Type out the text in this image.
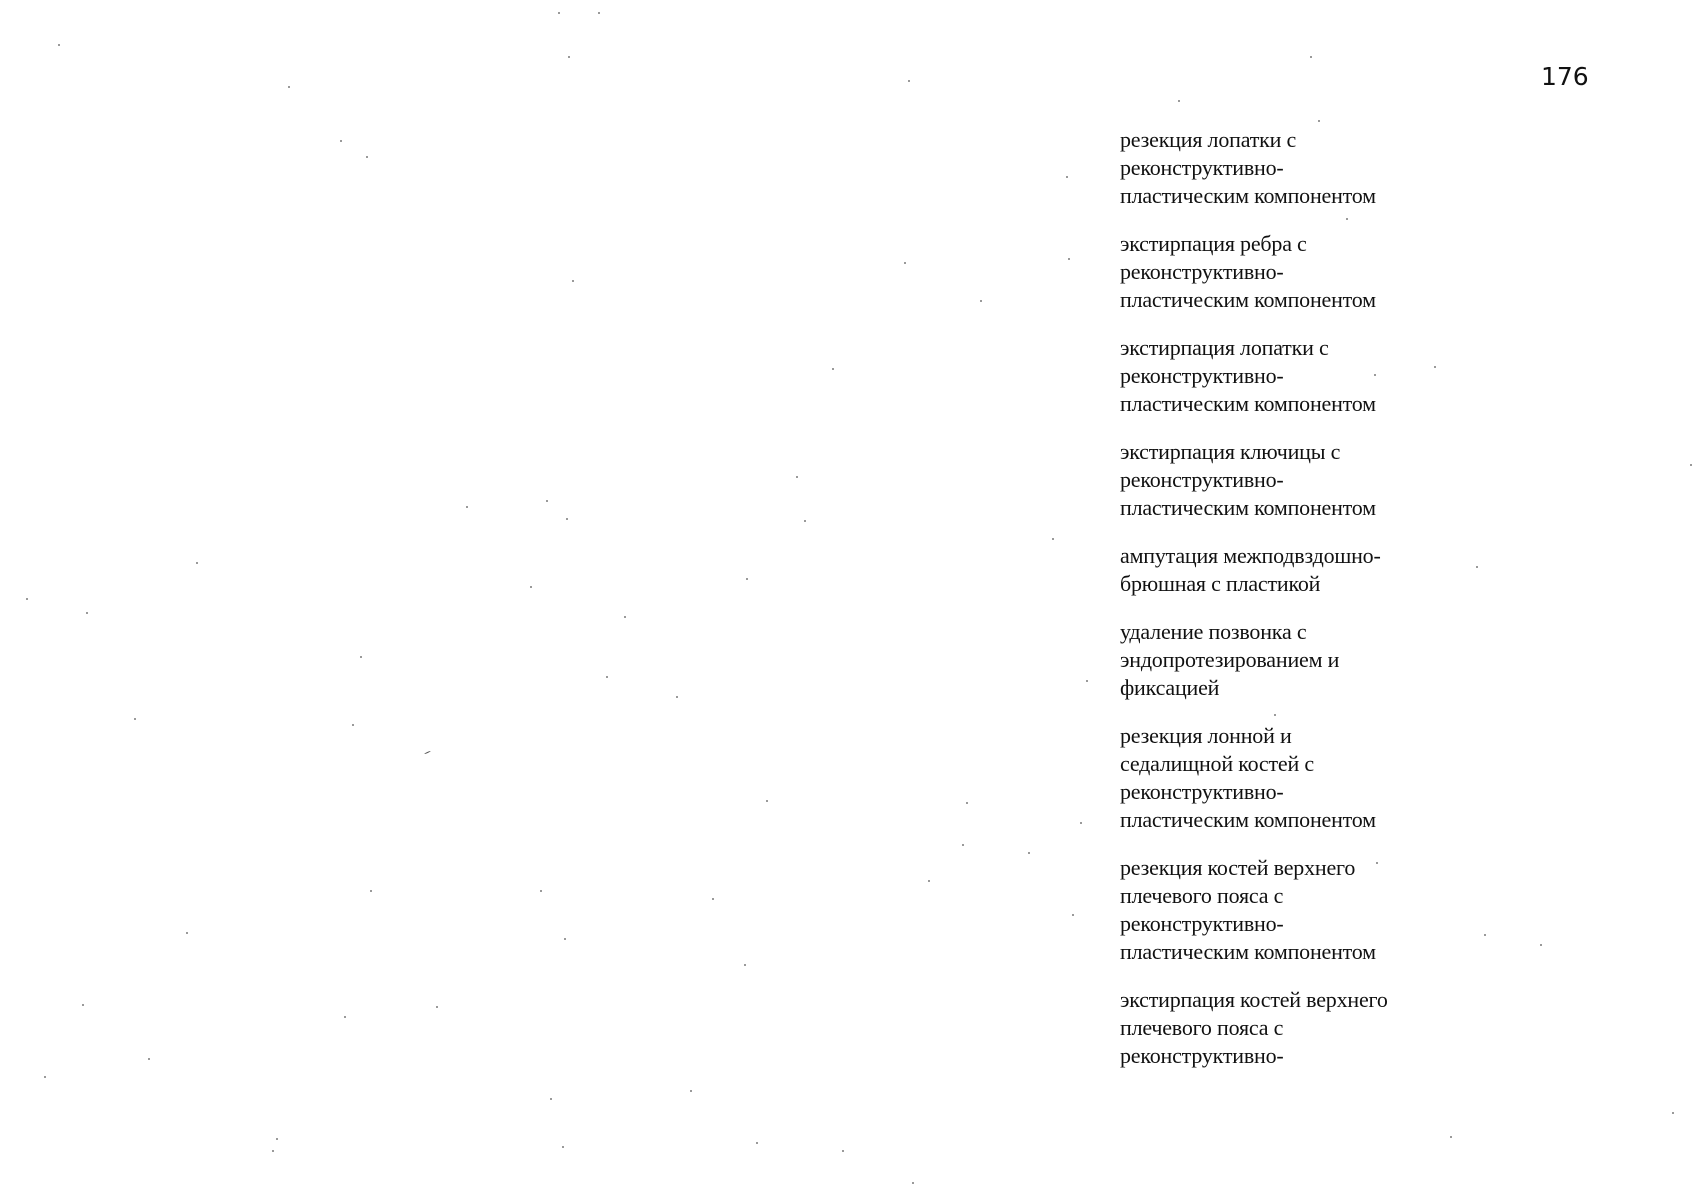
176
резекция лопатки с
реконструктивно-
пластическим компонентом
экстирпация ребра с
реконструктивно-
пластическим компонентом
экстирпация лопатки с
реконструктивно-
пластическим компонентом
экстирпация ключицы с
реконструктивно-
пластическим компонентом
ампутация межподвздошно-
брюшная с пластикой
удаление позвонка с
эндопротезированием и
фиксацией
резекция лонной и
седалищной костей с
реконструктивно-
пластическим компонентом
резекция костей верхнего
плечевого пояса с
реконструктивно-
пластическим компонентом
экстирпация костей верхнего
плечевого пояса с
реконструктивно-
